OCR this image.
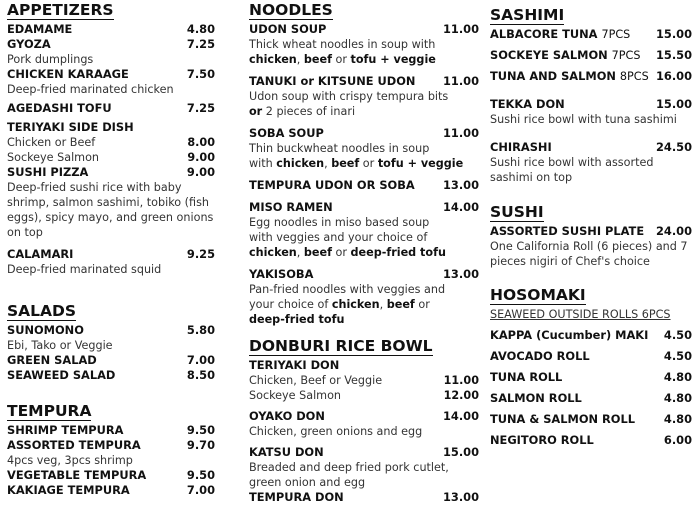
APPETIZERS
EDAMAME	4.80
GYOZA	7.25
Pork dumplings
CHICKEN KARAAGE	7.50
Deep-fried marinated chicken
AGEDASHI TOFU	7.25
TERIYAKI SIDE DISH
Chicken or Beef	8.00
Sockeye Salmon	9.00
SUSHI PIZZA	9.00
Deep-fried sushi rice with baby shrimp, salmon sashimi, tobiko (fish eggs), spicy mayo, and green onions on top
CALAMARI	9.25
Deep-fried marinated squid
SALADS
SUNOMONO	5.80
Ebi, Tako or Veggie
GREEN SALAD	7.00
SEAWEED SALAD	8.50
TEMPURA
SHRIMP TEMPURA	9.50
ASSORTED TEMPURA	9.70
4pcs veg, 3pcs shrimp
VEGETABLE TEMPURA	9.50
KAKIAGE TEMPURA	7.00
NOODLES
UDON SOUP	11.00
Thick wheat noodles in soup with
chicken, beef or tofu + veggie
TANUKI or KITSUNE UDON 11.00
Udon soup with crispy tempura bits
or 2 pieces of inari
SOBA SOUP	11.00
Thin buckwheat noodles in soup
with chicken, beef or tofu + veggie
TEMPURA UDON OR SOBA 13.00
MISO RAMEN	14.00
Egg noodles in miso based soup
with veggies and your choice of
chicken, beef or deep-fried tofu
YAKISOBA	13.00
Pan-fried noodles with veggies and
your choice of chicken, beef or
deep-fried tofu
DONBURI RICE BOWL
TERIYAKI DON
Chicken, Beef or Veggie	11.00
Sockeye Salmon	12.00
OYAKO DON	14.00
Chicken, green onions and egg
KATSU DON	15.00
Breaded and deep fried pork cutlet,
green onion and egg
TEMPURA DON	13.00
SASHIMI
ALBACORE TUNA 7PCS 15.00
SOCKEYE SALMON 7PCS 15.50
TUNA AND SALMON 8PCS 16.00
TEKKA DON	15.00
Sushi rice bowl with tuna sashimi
CHIRASHI	24.50
Sushi rice bowl with assorted
sashimi on top
SUSHI
ASSORTED SUSHI PLATE 24.00
One California Roll (6 pieces) and 7
pieces nigiri of Chef's choice
HOSOMAKI
SEAWEED OUTSIDE ROLLS 6PCS
KAPPA (Cucumber) MAKI 4.50
AVOCADO ROLL	4.50
TUNA ROLL	4.80
SALMON ROLL	4.80
TUNA & SALMON ROLL	4.80
NEGITORO ROLL	6.00
